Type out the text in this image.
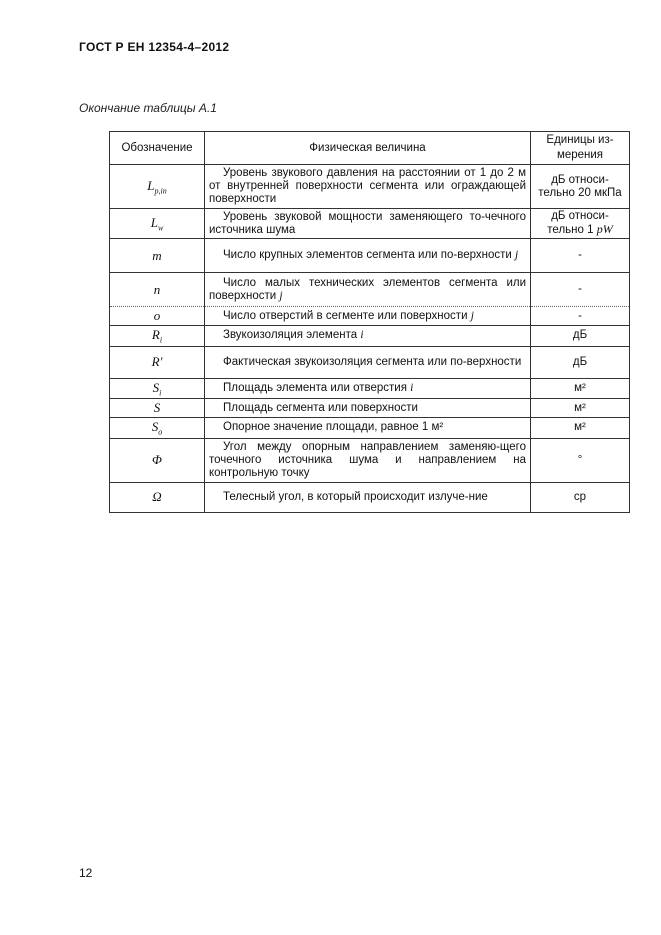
ГОСТ Р ЕН 12354-4–2012
Окончание таблицы А.1
Обозначение	Физическая величина	Единицы из-мерения
$L_{p,in}$	Уровень звукового давления на расстоянии от 1 до 2 м от внутренней поверхности сегмента или ограждающей поверхности	дБ относи-тельно 20 мкПа
$L_w$	Уровень звуковой мощности заменяющего то-чечного источника шума	дБ относи-тельно 1 pW
m	Число крупных элементов сегмента или по-верхности j	-
n	Число малых технических элементов сегмента или поверхности j	-
o	Число отверстий в сегменте или поверхности j	-
$R_i$	Звукоизоляция элемента i	дБ
R'	Фактическая звукоизоляция сегмента или по-верхности	дБ
$S_i$	Площадь элемента или отверстия i	м²
S	Площадь сегмента или поверхности	м²
$S_o$	Опорное значение площади, равное 1 м²	м²
Φ	Угол между опорным направлением заменяю-щего точечного источника шума и направлением на контрольную точку	°
Ω	Телесный угол, в который происходит излуче-ние	ср
12
